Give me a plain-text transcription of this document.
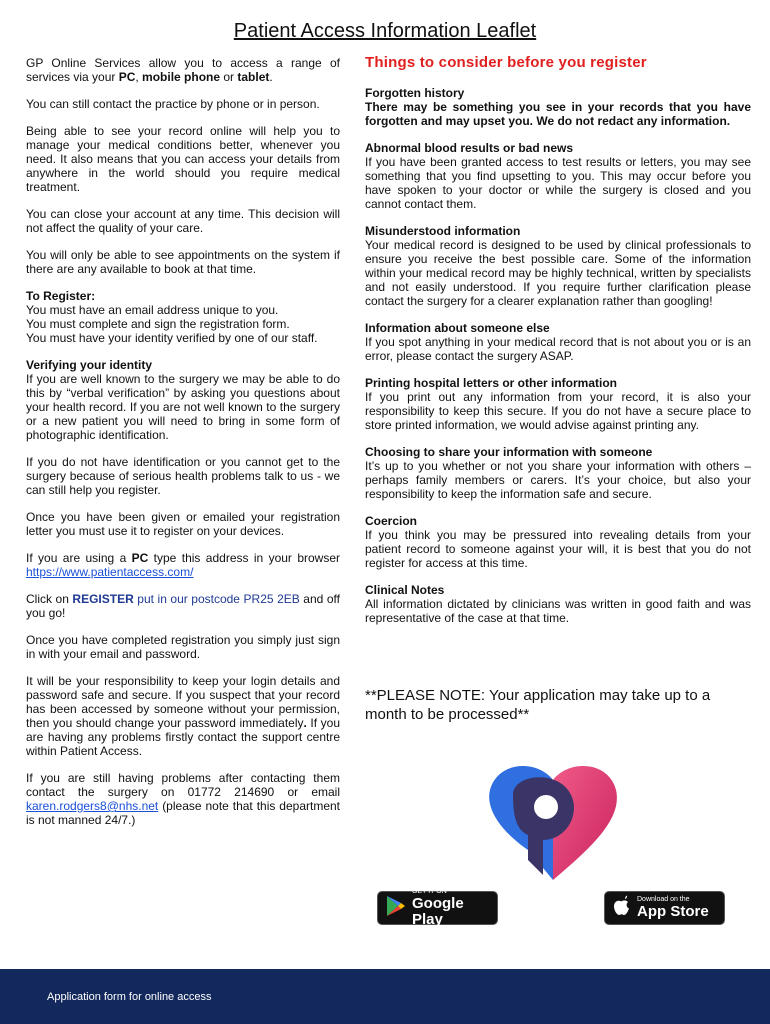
Patient Access Information Leaflet

GP Online Services allow you to access a range of services via your PC, mobile phone or tablet.

You can still contact the practice by phone or in person.

Being able to see your record online will help you to manage your medical conditions better, whenever you need. It also means that you can access your details from anywhere in the world should you require medical treatment.

You can close your account at any time. This decision will not affect the quality of your care.

You will only be able to see appointments on the system if there are any available to book at that time.

To Register:
You must have an email address unique to you.
You must complete and sign the registration form.
You must have your identity verified by one of our staff.
Verifying your identity
If you are well known to the surgery we may be able to do this by “verbal verification” by asking you questions about your health record. If you are not well known to the surgery or a new patient you will need to bring in some form of photographic identification.

If you do not have identification or you cannot get to the surgery because of serious health problems talk to us - we can still help you register.

Once you have been given or emailed your registration letter you must use it to register on your devices.

If you are using a PC type this address in your browser https://www.patientaccess.com/

Click on REGISTER put in our postcode PR25 2EB and off you go!

Once you have completed registration you simply just sign in with your email and password.

It will be your responsibility to keep your login details and password safe and secure. If you suspect that your record has been accessed by someone without your permission, then you should change your password immediately. If you are having any problems firstly contact the support centre within Patient Access.

If you are still having problems after contacting them contact the surgery on 01772 214690 or email karen.rodgers8@nhs.net (please note that this department is not manned 24/7.)

Things to consider before you register
Forgotten history

There may be something you see in your records that you have forgotten and may upset you. We do not redact any information.

Abnormal blood results or bad news

If you have been granted access to test results or letters, you may see something that you find upsetting to you. This may occur before you have spoken to your doctor or while the surgery is closed and you cannot contact them.

Misunderstood information

Your medical record is designed to be used by clinical professionals to ensure you receive the best possible care. Some of the information within your medical record may be highly technical, written by specialists and not easily understood. If you require further clarification please contact the surgery for a clearer explanation rather than googling!

Information about someone else

If you spot anything in your medical record that is not about you or is an error, please contact the surgery ASAP.

Printing hospital letters or other information

If you print out any information from your record, it is also your responsibility to keep this secure. If you do not have a secure place to store printed information, we would advise against printing any.

Choosing to share your information with someone

It’s up to you whether or not you share your information with others – perhaps family members or carers. It’s your choice, but also your responsibility to keep the information safe and secure.

Coercion

If you think you may be pressured into revealing details from your patient record to someone against your will, it is best that you do not register for access at this time.

Clinical Notes

All information dictated by clinicians was written in good faith and was representative of the case at that time.

**PLEASE NOTE: Your application may take up to a month to be processed**
GET IT ON
Google Play
Download on the
App Store
Application form for online access
